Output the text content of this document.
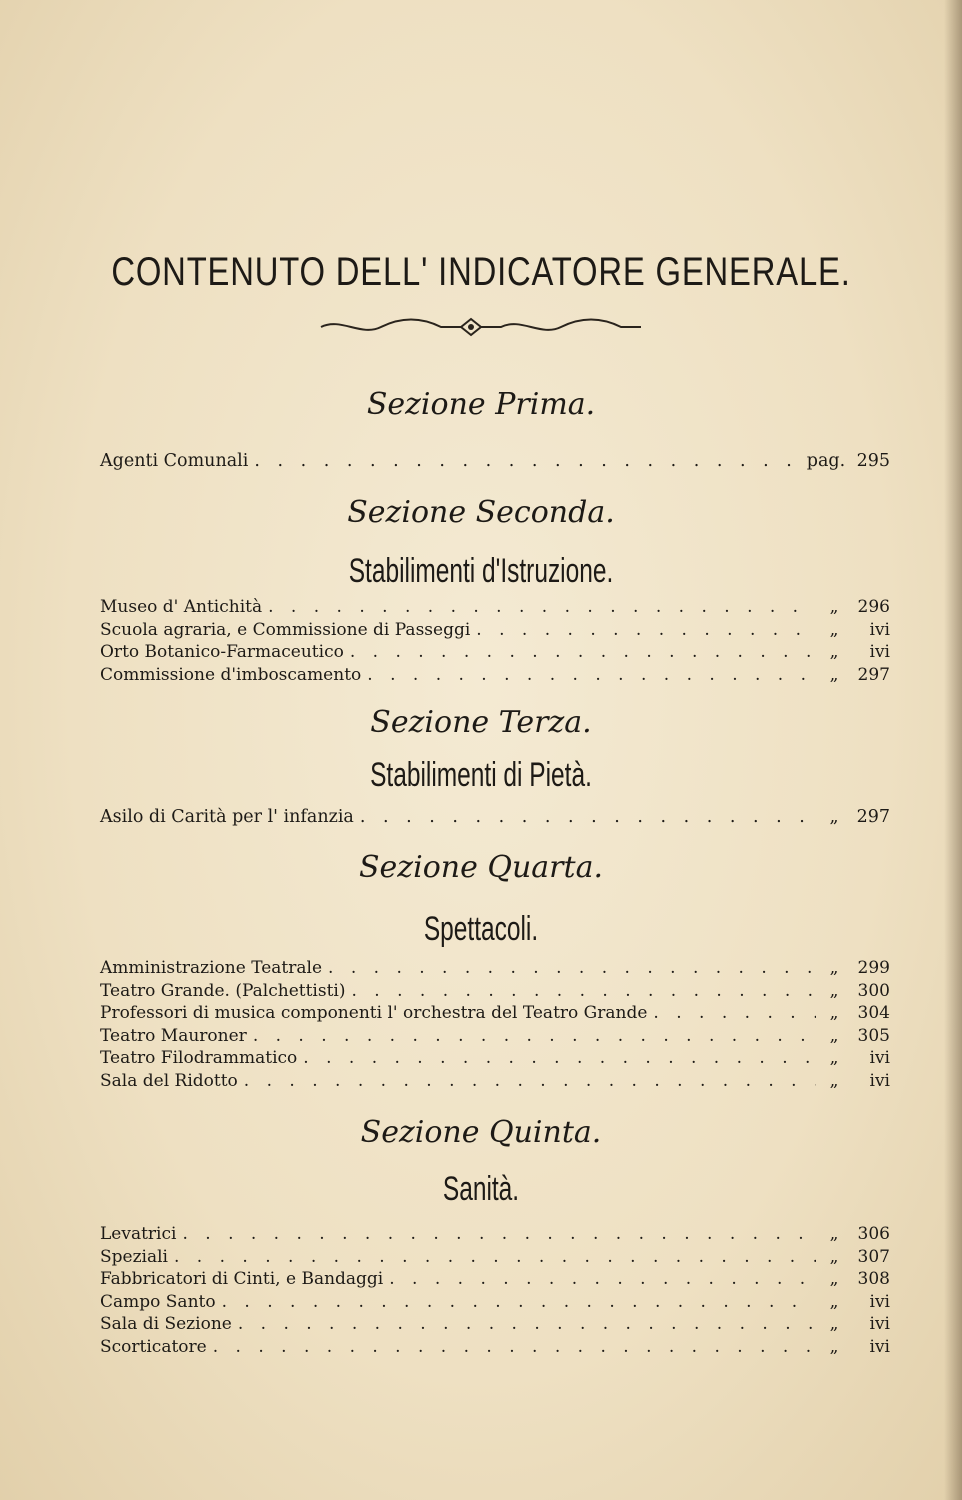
CONTENUTO DELL' INDICATORE GENERALE.
Sezione Prima.
Agenti Comunali . . .	pag. 295
Sezione Seconda.
Stabilimenti d'Istruzione.
Museo d' Antichità . . .	„	296
Scuola agraria, e Commissione di Passeggi . . .	„	ivi
Orto Botanico-Farmaceutico . . .	„	ivi
Commissione d'imboscamento . . .	„	297
Sezione Terza.
Stabilimenti di Pietà.
Asilo di Carità per l' infanzia . . .	„	297
Sezione Quarta.
Spettacoli.
Amministrazione Teatrale . . .	„	299
Teatro Grande. (Palchettisti) . . .	„	300
Professori di musica componenti l' orchestra del Teatro Grande . . .	„	304
Teatro Mauroner . . .	„	305
Teatro Filodrammatico . . .	„	ivi
Sala del Ridotto . . .	„	ivi
Sezione Quinta.
Sanità.
Levatrici . . .	„	306
Speziali . . .	„	307
Fabbricatori di Cinti, e Bandaggi . . .	„	308
Campo Santo . . .	„	ivi
Sala di Sezione . . .	„	ivi
Scorticatore . . .	„	ivi
